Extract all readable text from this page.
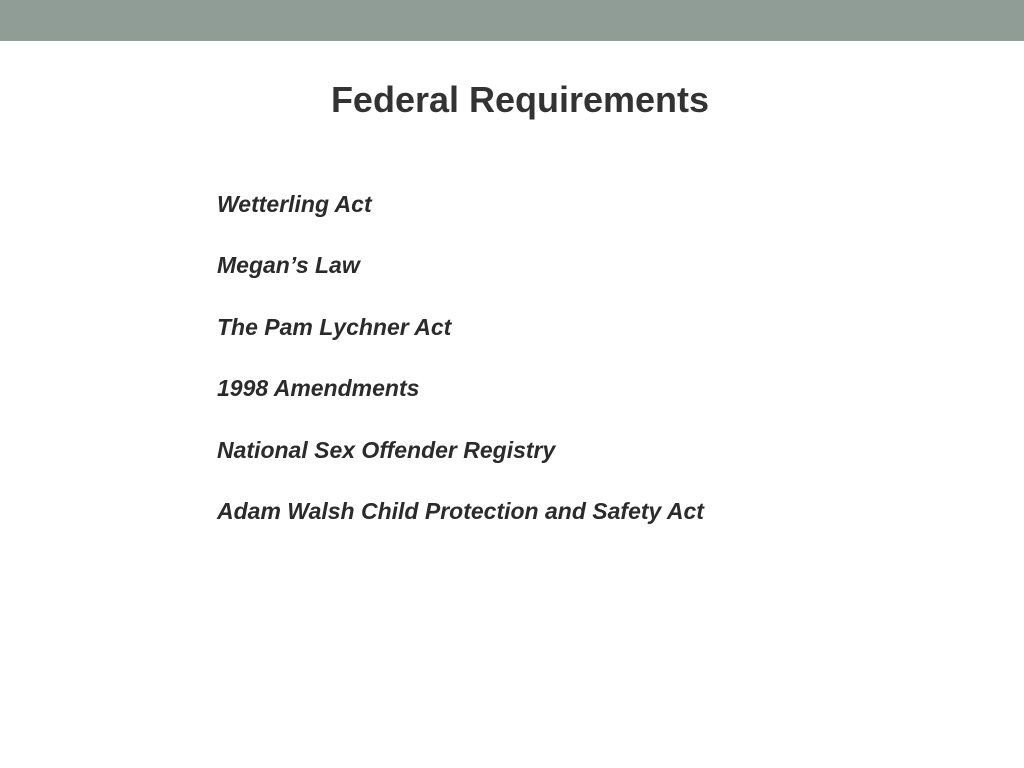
Federal Requirements
Wetterling Act
Megan’s Law
The Pam Lychner Act
1998 Amendments
National Sex Offender Registry
Adam Walsh Child Protection and Safety Act
